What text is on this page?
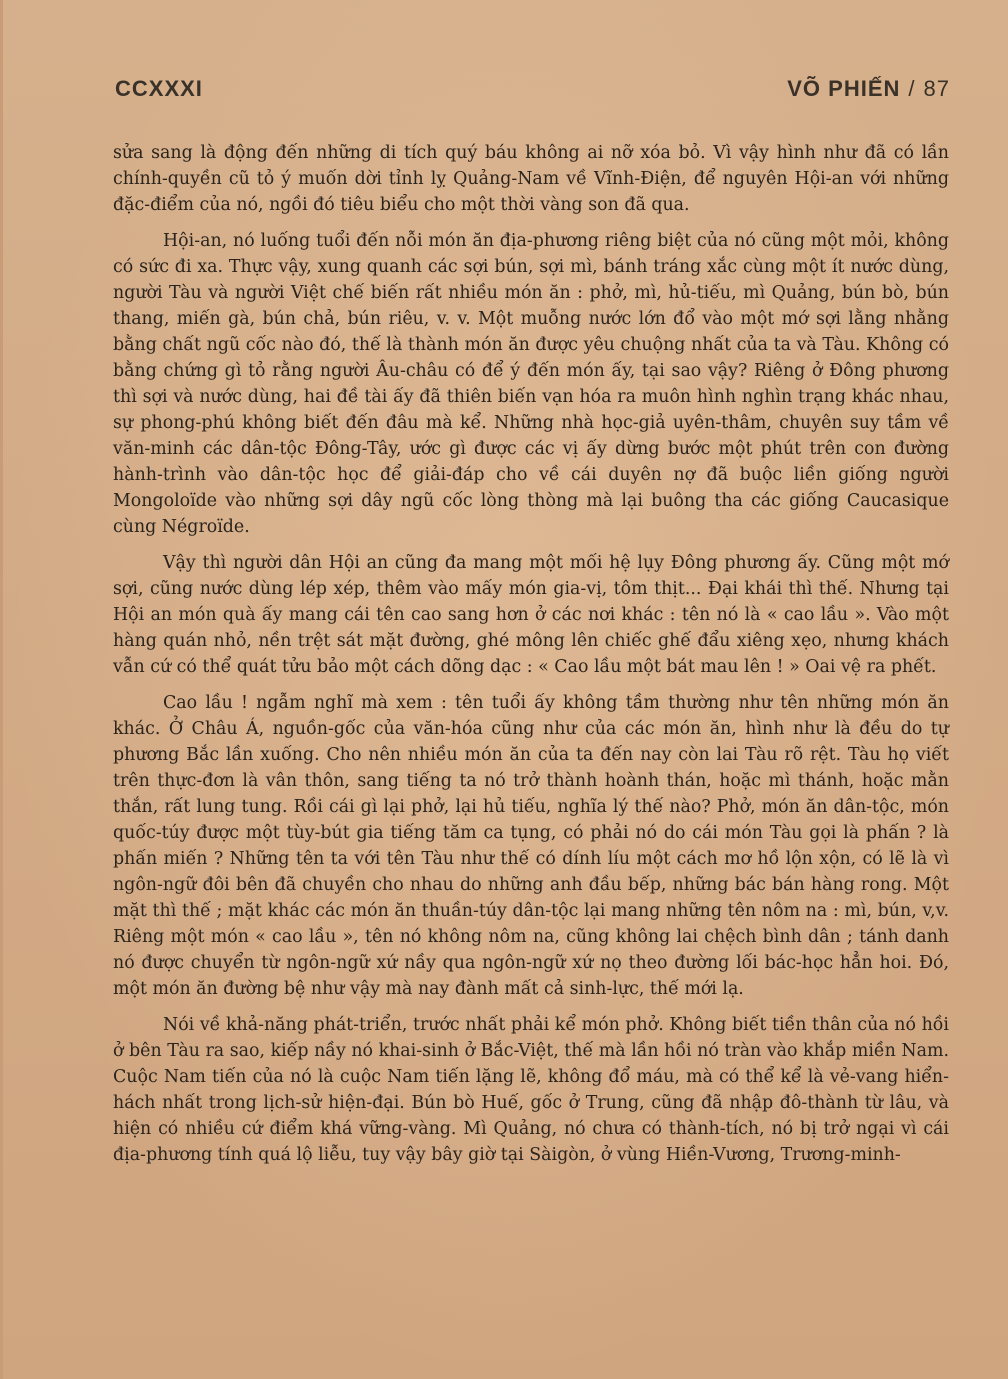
CCXXXI	VÕ PHIẾN / 87

sửa sang là động đến những di tích quý báu không ai nỡ xóa bỏ. Vì vậy hình như đã có lần chính-quyền cũ tỏ ý muốn dời tỉnh lỵ Quảng-Nam về Vĩnh-Điện, để nguyên Hội-an với những đặc-điểm của nó, ngồi đó tiêu biểu cho một thời vàng son đã qua.

Hội-an, nó luống tuổi đến nỗi món ăn địa-phương riêng biệt của nó cũng một mỏi, không có sức đi xa. Thực vậy, xung quanh các sợi bún, sợi mì, bánh tráng xắc cùng một ít nước dùng, người Tàu và người Việt chế biến rất nhiều món ăn : phở, mì, hủ-tiếu, mì Quảng, bún bò, bún thang, miến gà, bún chả, bún riêu, v. v. Một muỗng nước lớn đổ vào một mớ sợi lằng nhằng bằng chất ngũ cốc nào đó, thế là thành món ăn được yêu chuộng nhất của ta và Tàu. Không có bằng chứng gì tỏ rằng người Âu-châu có để ý đến món ấy, tại sao vậy? Riêng ở Đông phương thì sợi và nước dùng, hai đề tài ấy đã thiên biến vạn hóa ra muôn hình nghìn trạng khác nhau, sự phong-phú không biết đến đâu mà kể. Những nhà học-giả uyên-thâm, chuyên suy tầm về văn-minh các dân-tộc Đông-Tây, ước gì được các vị ấy dừng bước một phút trên con đường hành-trình vào dân-tộc học để giải-đáp cho về cái duyên nợ đã buộc liền giống người Mongoloïde vào những sợi dây ngũ cốc lòng thòng mà lại buông tha các giống Caucasique cùng Négroïde.

Vậy thì người dân Hội an cũng đa mang một mối hệ lụy Đông phương ấy. Cũng một mớ sợi, cũng nước dùng lép xép, thêm vào mấy món gia-vị, tôm thịt... Đại khái thì thế. Nhưng tại Hội an món quà ấy mang cái tên cao sang hơn ở các nơi khác : tên nó là « cao lầu ». Vào một hàng quán nhỏ, nền trệt sát mặt đường, ghé mông lên chiếc ghế đẩu xiêng xẹo, nhưng khách vẫn cứ có thể quát tửu bảo một cách dõng dạc : « Cao lầu một bát mau lên ! » Oai vệ ra phết.

Cao lầu ! ngẫm nghĩ mà xem : tên tuổi ấy không tầm thường như tên những món ăn khác. Ở Châu Á, nguồn-gốc của văn-hóa cũng như của các món ăn, hình như là đều do tự phương Bắc lần xuống. Cho nên nhiều món ăn của ta đến nay còn lai Tàu rõ rệt. Tàu họ viết trên thực-đơn là vân thôn, sang tiếng ta nó trở thành hoành thán, hoặc mì thánh, hoặc mằn thắn, rất lung tung. Rồi cái gì lại phở, lại hủ tiếu, nghĩa lý thế nào? Phở, món ăn dân-tộc, món quốc-túy được một tùy-bút gia tiếng tăm ca tụng, có phải nó do cái món Tàu gọi là phấn ? là phấn miến ? Những tên ta với tên Tàu như thế có dính líu một cách mơ hồ lộn xộn, có lẽ là vì ngôn-ngữ đôi bên đã chuyền cho nhau do những anh đầu bếp, những bác bán hàng rong. Một mặt thì thế ; mặt khác các món ăn thuần-túy dân-tộc lại mang những tên nôm na : mì, bún, v,v. Riêng một món « cao lầu », tên nó không nôm na, cũng không lai chệch bình dân ; tánh danh nó được chuyển từ ngôn-ngữ xứ nầy qua ngôn-ngữ xứ nọ theo đường lối bác-học hẳn hoi. Đó, một món ăn đường bệ như vậy mà nay đành mất cả sinh-lực, thế mới lạ.

Nói về khả-năng phát-triển, trước nhất phải kể món phở. Không biết tiền thân của nó hồi ở bên Tàu ra sao, kiếp nầy nó khai-sinh ở Bắc-Việt, thế mà lần hồi nó tràn vào khắp miền Nam. Cuộc Nam tiến của nó là cuộc Nam tiến lặng lẽ, không đổ máu, mà có thể kể là vẻ-vang hiển-hách nhất trong lịch-sử hiện-đại. Bún bò Huế, gốc ở Trung, cũng đã nhập đô-thành từ lâu, và hiện có nhiều cứ điểm khá vững-vàng. Mì Quảng, nó chưa có thành-tích, nó bị trở ngại vì cái địa-phương tính quá lộ liễu, tuy vậy bây giờ tại Sàigòn, ở vùng Hiền-Vương, Trương-minh-
